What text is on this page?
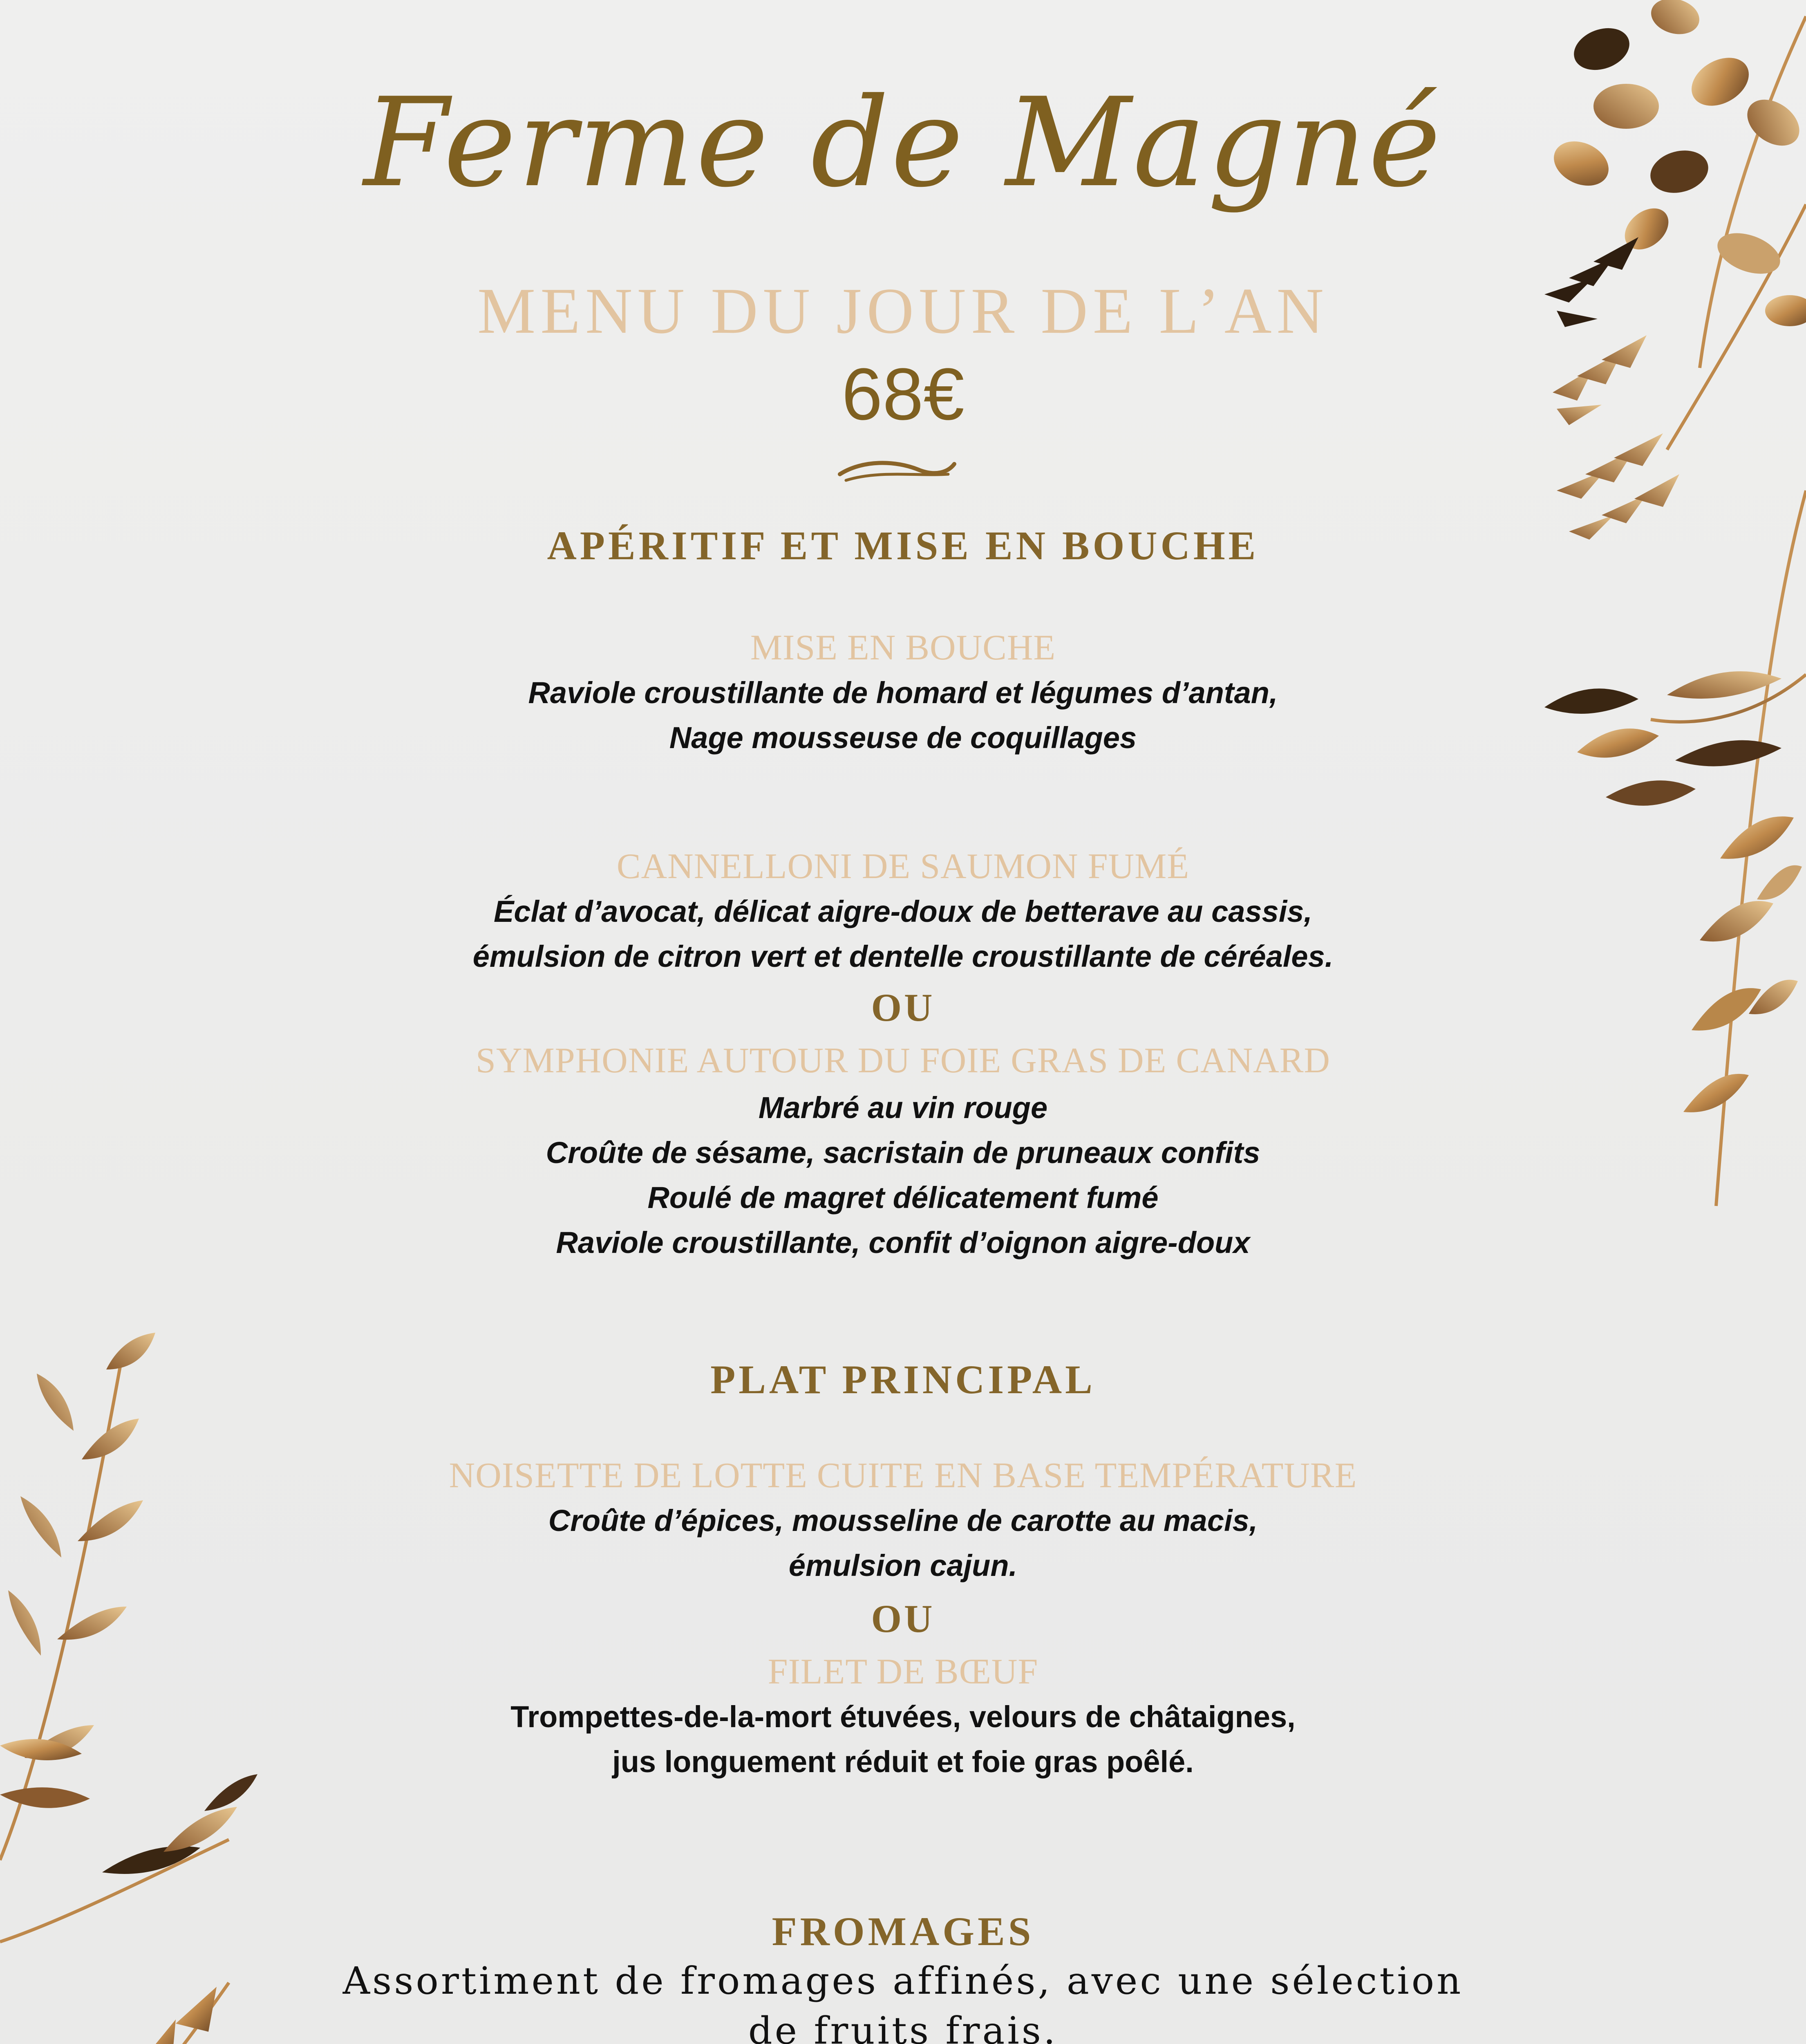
Ferme de Magné
MENU DU JOUR DE L’AN
68€
APÉRITIF ET MISE EN BOUCHE
MISE EN BOUCHE
Raviole croustillante de homard et légumes d’antan,
Nage mousseuse de coquillages
CANNELLONI DE SAUMON FUMÉ
Éclat d’avocat, délicat aigre-doux de betterave au cassis,
émulsion de citron vert et dentelle croustillante de céréales.
OU
SYMPHONIE AUTOUR DU FOIE GRAS DE CANARD
Marbré au vin rouge
Croûte de sésame, sacristain de pruneaux confits
Roulé de magret délicatement fumé
Raviole croustillante, confit d’oignon aigre-doux
PLAT PRINCIPAL
NOISETTE DE LOTTE CUITE EN BASE TEMPÉRATURE
Croûte d’épices, mousseline de carotte au macis,
émulsion cajun.
OU
FILET DE BŒUF
Trompettes-de-la-mort étuvées, velours de châtaignes,
jus longuement réduit et foie gras poêlé.
FROMAGES
Assortiment de fromages affinés, avec une sélection
de fruits frais.
